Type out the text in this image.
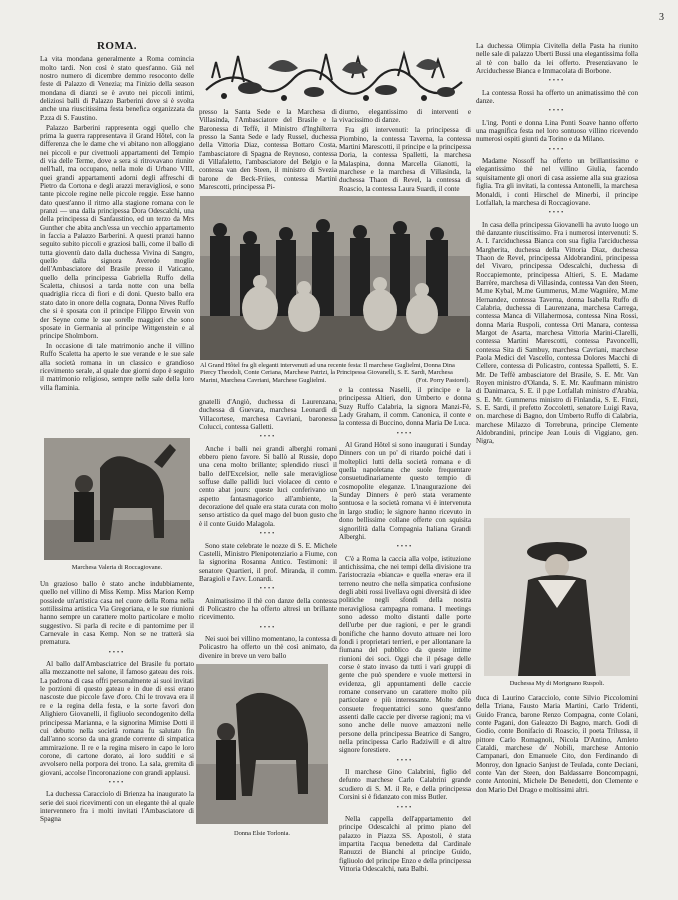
3
ROMA.

La vita mondana generalmente a Roma comincia molto tardi. Non così è stato quest'anno. Già nel nostro numero di dicembre demmo resoconto delle feste di Palazzo di Venezia; ma l'inizio della season mondana di dianzi se è avuto nei piccoli intimi, deliziosi balli di Palazzo Barberini dove si è svolta anche una riuscitissima festa benefica organizzata da P.zza di S. Faustino.

Palazzo Barberini rappresenta oggi quello che prima la guerra rappresentava il Grand Hôtel, con la differenza che le dame che vi abitano non alloggiano nei piccoli e pur civettuoli appartamenti del Tempio di via delle Terme, dove a sera si ritrovavano riunite nell'hall, ma occupano, nella mole di Urbano VIII, quei grandi appartamenti adorni degli affreschi di Pietro da Cortona e degli arazzi meravigliosi, e sono tante piccole regine nelle piccole reggie. Esse hanno dato quest'anno il ritmo alla stagione romana con le pranzi — una dalla principessa Dora Odescalchi, una della principessa di Sanfaustino, ed un terzo da Mrs Gunther che abita anch'essa un vecchio appartamento in faccia a Palazzo Barberini. A questi pranzi hanno seguito subito piccoli e graziosi balli, come il ballo di tutta gioventù dato dalla duchessa Vivina di Sangro, quello dalla signora Averedo moglie dell'Ambasciatore del Brasile presso il Vaticano, quello della principessa Gabriella Ruffo della Scaletta, chiusosi a tarda notte con una bella quadriglia ricca di fiori e di doni. Questo ballo era stato dato in onore della cognata, Donna Nives Ruffo che si è sposata con il principe Filippo Erwein von der Seyne come le sue sorelle maggiori che sono sposate in Germania al principe Wittgenstein e al principe Sholmborn.

In occasione di tale matrimonio anche il villino Ruffo Scaletta ha aperto le sue verande e le sue sale alla società romana in un classico e grandioso ricevimento serale, al quale due giorni dopo è seguito il matrimonio religioso, sempre nelle sale della loro villa flaminia.

Marchesa Valeria di Roccagiovane.

Un grazioso ballo è stato anche indubbiamente, quello nel villino di Miss Kemp. Miss Marion Kemp possiede un'artistica casa nel cuore della Roma nella sottilissima artistica Via Gregoriana, e le sue riunioni hanno sempre un carattere molto particolare e molto suggestivo. Si parla di recite e di pantomime per il Carnevale in casa Kemp. Non se ne tratterà sia prematura.

••••

Al ballo dall'Ambasciatrice del Brasile fu portato alla mezzanotte nel salone, il famoso gateau des rois. La padrona di casa offri personalmente ai suoi invitati le porzioni di questo gateau e in due di essi erano nascoste due piccole fave d'oro. Chi le trovava era il re e la regina della festa, e la sorte favorì don Alighiero Giovanelli, il figliuolo secondogenito della principessa Marianna, e la signorina Mimise Dotti il cui debutto nella società romana fu salutato fin dall'anno scorso da una grande corrente di simpatica ammirazione. Il re e la regina misero in capo le loro corone, di cartone dorato, ai loro sudditi e si avvolsero nella porpora dei trono. La sala, gremita di giovani, accolse l'incoronazione con grandi applausi.

••••

La duchessa Caracciolo di Brienza ha inaugurato la serie dei suoi ricevimenti con un elegante thè al quale intervennero fra i molti invitati l'Ambasciatore di Spagna

presso la Santa Sede e la Marchesa di Villasinda, l'Ambasciatore del Brasile e la Baronessa di Teffè, il Ministro d'Inghilterra presso la Santa Sede e lady Russel, duchessa della Vittoria Diaz, contessa Bottaro Costa, l'ambasciatore di Spagna de Reynoso, contessa di Villafaletto, l'ambasciatore del Belgio e la contessa van den Steen, il ministro di Svezia barone de Beck-Friies, contessa Martini Marescotti, principessa Pi-

Al Grand Hôtel fra gli eleganti intervenuti ad una recente festa: Il marchese Guglielmi, Donna Dina Piercy Theodoli, Conte Ceriana, Marchese Patrizi, la Principessa Giovanelli, S. E. Sardi, Marchesa Marini, Marchesa Cavriani, Marchese Guglielmi.	(Fot. Porry Pastorel).

gnatelli d'Angiò, duchessa di Laurenzana, duchessa di Guevara, marchesa Leonardi di Villacortese, marchesa Cavriani, baronessa Colucci, contessa Galletti.

••••

Anche i balli nei grandi alberghi romani ebbero pieno favore. Sì ballò al Russie, dopo una cena molto brillante; splendido riuscì il ballo dell'Excelsior, nelle sale meravigliose soffuse dalle pallidi luci violacee di cento e cento abat jours: queste luci conferivano un aspetto fantasmagorico all'ambiente, la decorazione del quale era stata curata con molto senso artistico da quel mago del buon gusto che è il conte Guido Malagola.

••••

Sono state celebrate le nozze di S. E. Michele Castelli, Ministro Plenipotenziario a Fiume, con la signorina Rosanna Antico. Testimoni: il senatore Quartieri, il prof. Miranda, il comm. Baragioli e l'avv. Lonardi.

••••

Animatissimo il thè con danze della contessa di Policastro che ha offerto altresì un brillante ricevimento.

••••

Nei suoi bei villino momentano, la contessa di Policastro ha offerto un thè così animato, da divenire in breve un vero ballo

Donna Elsie Torlonia.

diurno, elegantissimo di interventi e vivacissimo di danze.

Fra gli intervenuti: la principessa di Piombino, la contessa Taverna, la contessa Martini Marescotti, il principe e la principessa Doria, la contessa Spalletti, la marchesa Malaspina, donna Marcella Gianotti, la marchese e la marchesa di Villasinda, la duchessa Thaon di Revel, la contessa di Roascio, la contessa Laura Suardi, il conte

e la contessa Naselli, il principe e la principessa Altieri, don Umberto e donna Suzy Ruffo Calabria, la signora Manzi-Fè, Lady Graham, il comm. Canonica, il conte e la contessa di Buccino, donna Maria De Luca.

••••

Al Grand Hôtel si sono inaugurati i Sunday Dinners con un po' di ritardo poiché dati i molteplici lutti della società romana e di quella napoletana che suole frequentare consuetudinariamente questo tempio di cosmopolite eleganze. L'inaugurazione dei Sunday Dinners è però stata veramente sontuosa e la società romana vi è intervenuta in largo studio; le signore hanno ricevuto in dono bellissime collane offerte con squisita signorilità dalla Compagnia Italiana Grandi Alberghi.

••••

C'è a Roma la caccia alla volpe, istituzione antichissima, che nei tempi della divisione tra l'aristocrazia «bianca» e quella «nera» era il terreno neutro che nella simpatica confusione degli abiti rossi livellava ogni diversità di idee politiche negli sfondi della nostra meravigliosa campagna romana. I meetings sono adesso molto distanti dalle porte dell'urbe per due ragioni, e per le grandi bonifiche che hanno dovuto attuare nei loro fondi i proprietari terrieri, e per allontanare la fiumana del pubblico da queste intime riunioni dei soci. Oggi che il pésage delle corse è stato invaso da tutti i vari gruppi di gente che può spendere e vuole mettersi in evidenza, gli appuntamenti delle caccie romane conservano un carattere molto più particolare e più interessante. Molte delle consuete frequentatrici sono quest'anno assenti dalle caccie per diverse ragioni; ma vi sono anche delle nuove amazzoni nelle persone della principessa Beatrice di Sangro, nella principessa Carlo Radziwill e di altre signore forestiere.

••••

Il marchese Gino Calabrini, figlio del defunto marchese Carlo Calabrini grande scudiero di S. M. il Re, e della principessa Corsini si è fidanzato con miss Butler.

••••

Nella cappella dell'appartamento del principe Odescalchi al primo piano del palazzo in Piazza SS. Apostoli, è stata impartita l'acqua benedetta dal Cardinale Ranuzzi de Bianchi al principe Guido, figliuolo del principe Enzo e della principessa Vittoria Odescalchi, nata Balbi.

La duchessa Olimpia Civitella della Pasta ha riunito nelle sale di palazzo Uberti Bussi una elegantissima folla al tè con ballo da lei offerto. Presenziavano le Arciduchesse Bianca e Immacolata di Borbone.

••••

La contessa Rossi ha offerto un animatissimo thè con danze.

••••

L'ing. Ponti e donna Lina Ponti Soave hanno offerto una magnifica festa nel loro sontuoso villino ricevendo numerosi ospiti giunti da Torino e da Milano.

••••

Madame Nossoff ha offerto un brillantissimo e elegantissimo thè nel villino Giulia, facendo squisitamente gli onori di casa assieme alla sua graziosa figlia. Tra gli invitati, la contessa Antonelli, la marchesa Monaldi, i conti Hirschel de Minerbi, il principe Lotfallah, la marchesa di Roccagiovane.

••••

In casa della principessa Giovanelli ha avuto luogo un thè danzante riuscitissimo. Fra i numerosi intervenuti: S. A. I. l'arciduchessa Bianca con sua figlia l'arciduchessa Margherita, duchessa della Vittoria Diaz, duchessa Thaon de Revel, principessa Aldobrandini, principessa del Vivaro, principessa Odescalchi, duchessa di Roccapiemonte, principessa Altieri, S. E. Madame Barrère, marchesa di Villasinda, contessa Van den Steen, M.me Kybal, M.me Gummerus, M.me Wagnière, M.me Hernandez, contessa Taverna, donna Isabella Ruffo di Calabria, duchessa di Laurenzana, marchesa Carrega, contessa Manca di Villahermosa, contessa Nina Rossi, donna Maria Ruspoli, contessa Orti Manara, contessa Margot de Asarta, marchesa Vittoria Marini-Clarelli, contessa Martini Marescotti, contessa Pavoncelli, contessa Sita di Sambuy, marchesa Cavriani, marchese Paola Medici del Vascello, contessa Dolores Macchi di Cellere, contessa di Policastro, contessa Spalletti, S. E. Mr. De Teffè ambasciatore del Brasile, S. E. Mr. Van Royen ministro d'Olanda, S. E. Mr. Kaufmann ministro di Danimarca, S. E. il p.pe Lotfallah ministro d'Arabia, S. E. Mr. Gummerus ministro di Finlandia, S. E. Finzi, S. E. Sardi, il prefetto Zoccoletti, senatore Luigi Rava, on. marchese di Bagno, don Umberto Ruffo di Calabria, marchese Milazzo di Torrebruna, principe Clemente Aldobrandini, principe Jean Louis di Viggiano, gen. Nigra,

Duchessa My di Morignano Ruspoli.

duca di Laurino Caracciolo, conte Silvio Piccolomini della Triana, Fausto Maria Martini, Carlo Tridenti, Guido Franca, barone Renzo Compagna, conte Colani, conte Pagani, don Galeazzo Di Bagno, march. Godi di Godio, conte Bonifacio di Roascio, il poeta Trilussa, il pittore Carlo Romagnoli, Nicola D'Antino, Amleto Cataldi, marchese de' Nobili, marchese Antonio Campanari, don Emanuele Cito, don Ferdinando di Monroy, don Ignacio Sanjust de Teulada, conte Deciani, conte Van der Steen, don Baldassarre Boncompagni, conte Antonini, Michele De Benedetti, don Clemente e don Mario Del Drago e moltissimi altri.
